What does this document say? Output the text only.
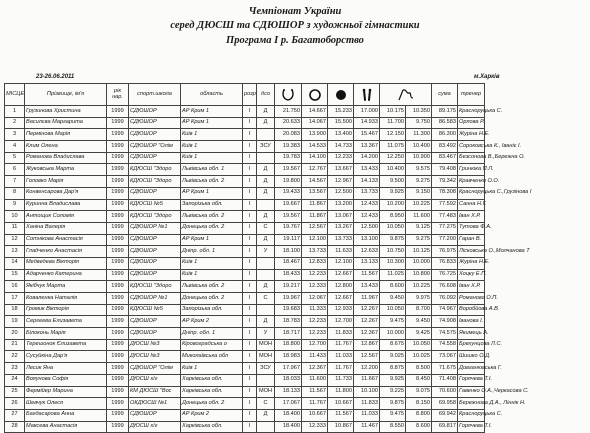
Чемпіонат України
серед ДЮСШ та СДЮШОР з художньої гімнастики
Програма І р. Багатоборство
23-26.06.2011	м.Харків
МІСЦЕ	Прізвище, ім'я	рік нар.	спорт.школа	область	розр	дсо							сума	тренер
1	Грузинова Христина	1999	СДЮШОР	АР Крим 1	І	Д	21.750	14.667	15.233	17.000	10.175	10.350	89.175	Красноруцька С.
2	Василєва Маргарита	1999	СДЮШОР	АР Крим 1	І	Д	20.633	14.067	15.500	14.933	11.700	9.750	86.583	Орлова Р.
3	Пермінова Марія	1999	СДЮШОР	Київ 1	І		20.083	13.900	13.400	15.467	12.150	11.300	86.300	Журіна Н.Е.
4	Клим Олена	1999	СДЮШОР "Олім	Київ 1	І	ЗСУ	19.383	14.533	14.733	13.367	11.075	10.400	83.492	Сороковська К., Іваніє І.
5	Романова Владислава	1999	СДЮШОР	Київ 1	І		19.783	14.100	12.233	14.200	12.250	10.900	83.467	Безсонова В.,Бережна О.
6	Жуковська Марта	1999	КДЮСШ "Здоро	Львівська обл. 1	І	Д	19.567	12.767	13.667	13.433	10.400	9.575	79.408	Гринюка П.Л.
7	Головко Марія	1999	КДЮСШ "Здоро	Львівська обл. 2	І	Д	19.800	14.567	12.967	14.133	9.500	9.275	79.342	Кравченко О.О.
8	Конвенсарова Дар'я	1999	СДЮШОР	АР Крим 1	І	Д	19.433	13.567	12.500	13.733	9.925	9.150	78.308	Красноруцька С.,Грузінова І
9	Куринна Владислава	1999	КДЮСШ №5	Запорізька обл.	І		19.667	11.867	13.200	12.433	10.200	10.225	77.592	Санна Н.Г.
10	Антощик Соломія	1999	КДЮСШ "Здоро	Львівська обл. 2	І	Д	19.567	11.867	13.067	12.433	8.950	11.600	77.483	Іван Х.Р.
11	Ханіна Валерія	1999	СДЮШОР №1	Донецька обл. 2	І	С	19.767	12.567	13.267	12.500	10.050	9.125	77.275	Тутова Ф.А.
12	Сотнікова Анастасія	1999	СДЮШОР	АР Крим 1	І	Д	19.117	12.100	13.733	13.100	9.875	9.275	77.200	Гаран В.
13	Гладченко Анастасія	1999	СДЮШОР	Дніпр. обл. 1	І	У	18.100	13.733	11.633	12.633	10.750	10.125	76.975	Ліскoвська О.,Молчанова Т
14	Медведева Вікторія	1999	СДЮШОР	Київ 1	І		18.467	12.833	12.100	13.133	10.300	10.000	76.833	Журіна Н.Е.
15	Адарченко Катерина	1999	СДЮШОР	Київ 1	І		18.433	12.233	12.667	11.567	11.025	10.800	76.725	Хоцку Е.П.
16	Якібчук Марта	1999	КДЮСШ "Здоро	Львівська обл. 2	І	Д	19.217	12.333	12.800	13.433	8.600	10.225	76.608	Іван Х.Р.
17	Коваленка Наталія	1999	СДЮШОР №1	Донецька обл. 2	І	С	19.967	12.067	12.667	11.967	9.450	9.975	76.092	Романова О.П.
18	Громик Вікторія	1999	КДЮСШ №5	Запорізька обл.	І		19.683	11.333	12.933	12.267	10.050	8.700	74.967	Воробйова А.В.
19	Сергеева Елизавета	1999	СДЮШОР	АР Крим 2	І	Д	18.783	12.233	12.700	12.267	9.475	9.450	74.908	Іванова І.
20	Білоконь Марія	1999	СДЮШОР	Дніпр. обл. 1	І	У	18.717	12.233	11.833	12.367	10.000	9.425	74.575	Якимець А.
21	Терешонок Єлизавета	1999	ДЮСШ №3	Кіровоградська о	І	МОН	18.800	12.700	11.767	12.867	8.675	10.050	74.558	Брехунцова Л.С.
22	Сусуйкіна Дар'я	1999	ДЮСШ №3	Миколаївська обл	І	МОН	18.983	11.433	11.033	12.567	9.025	10.025	73.067	Шишко О.Д.
23	Лесик Яна	1999	СДЮШОР "Олім	Київ 1	І	ЗСУ	17.967	12.367	11.767	12.200	8.875	8.500	71.675	Довганювська Г.
24	Вояунова Софія	1999	ДЮСШ х/г	Харківська обл.	І		18.033	11.600	11.733	11.667	9.925	8.450	71.408	Горячева Т.І.
25	Фермійер Марина	1999	КМ ДЮСШ "Вос	Харківська обл.	І	МОН	18.133	11.567	11.800	10.100	9.225	9.075	70.600	Гавенко О.А.,Черкасова С.
26	Шевчук Олеся	1999	ОКДЮСШ №1	Донецька обл. 2	І	С	17.067	11.767	10.667	11.833	9.875	8.150	69.958	Бережнова Д.А., Ліннік Н.
27	Багдасарова Анна	1999	СДЮШОР	АР Крим 2	І	Д	18.400	10.667	11.567	11.033	9.475	8.800	69.942	Красноруцька С.
28	Максева Анастасія	1999	ДЮСШ х/г	Харківська обл.	І		18.400	12.333	10.867	11.467	8.550	8.600	69.817	Горячева Т.І.
